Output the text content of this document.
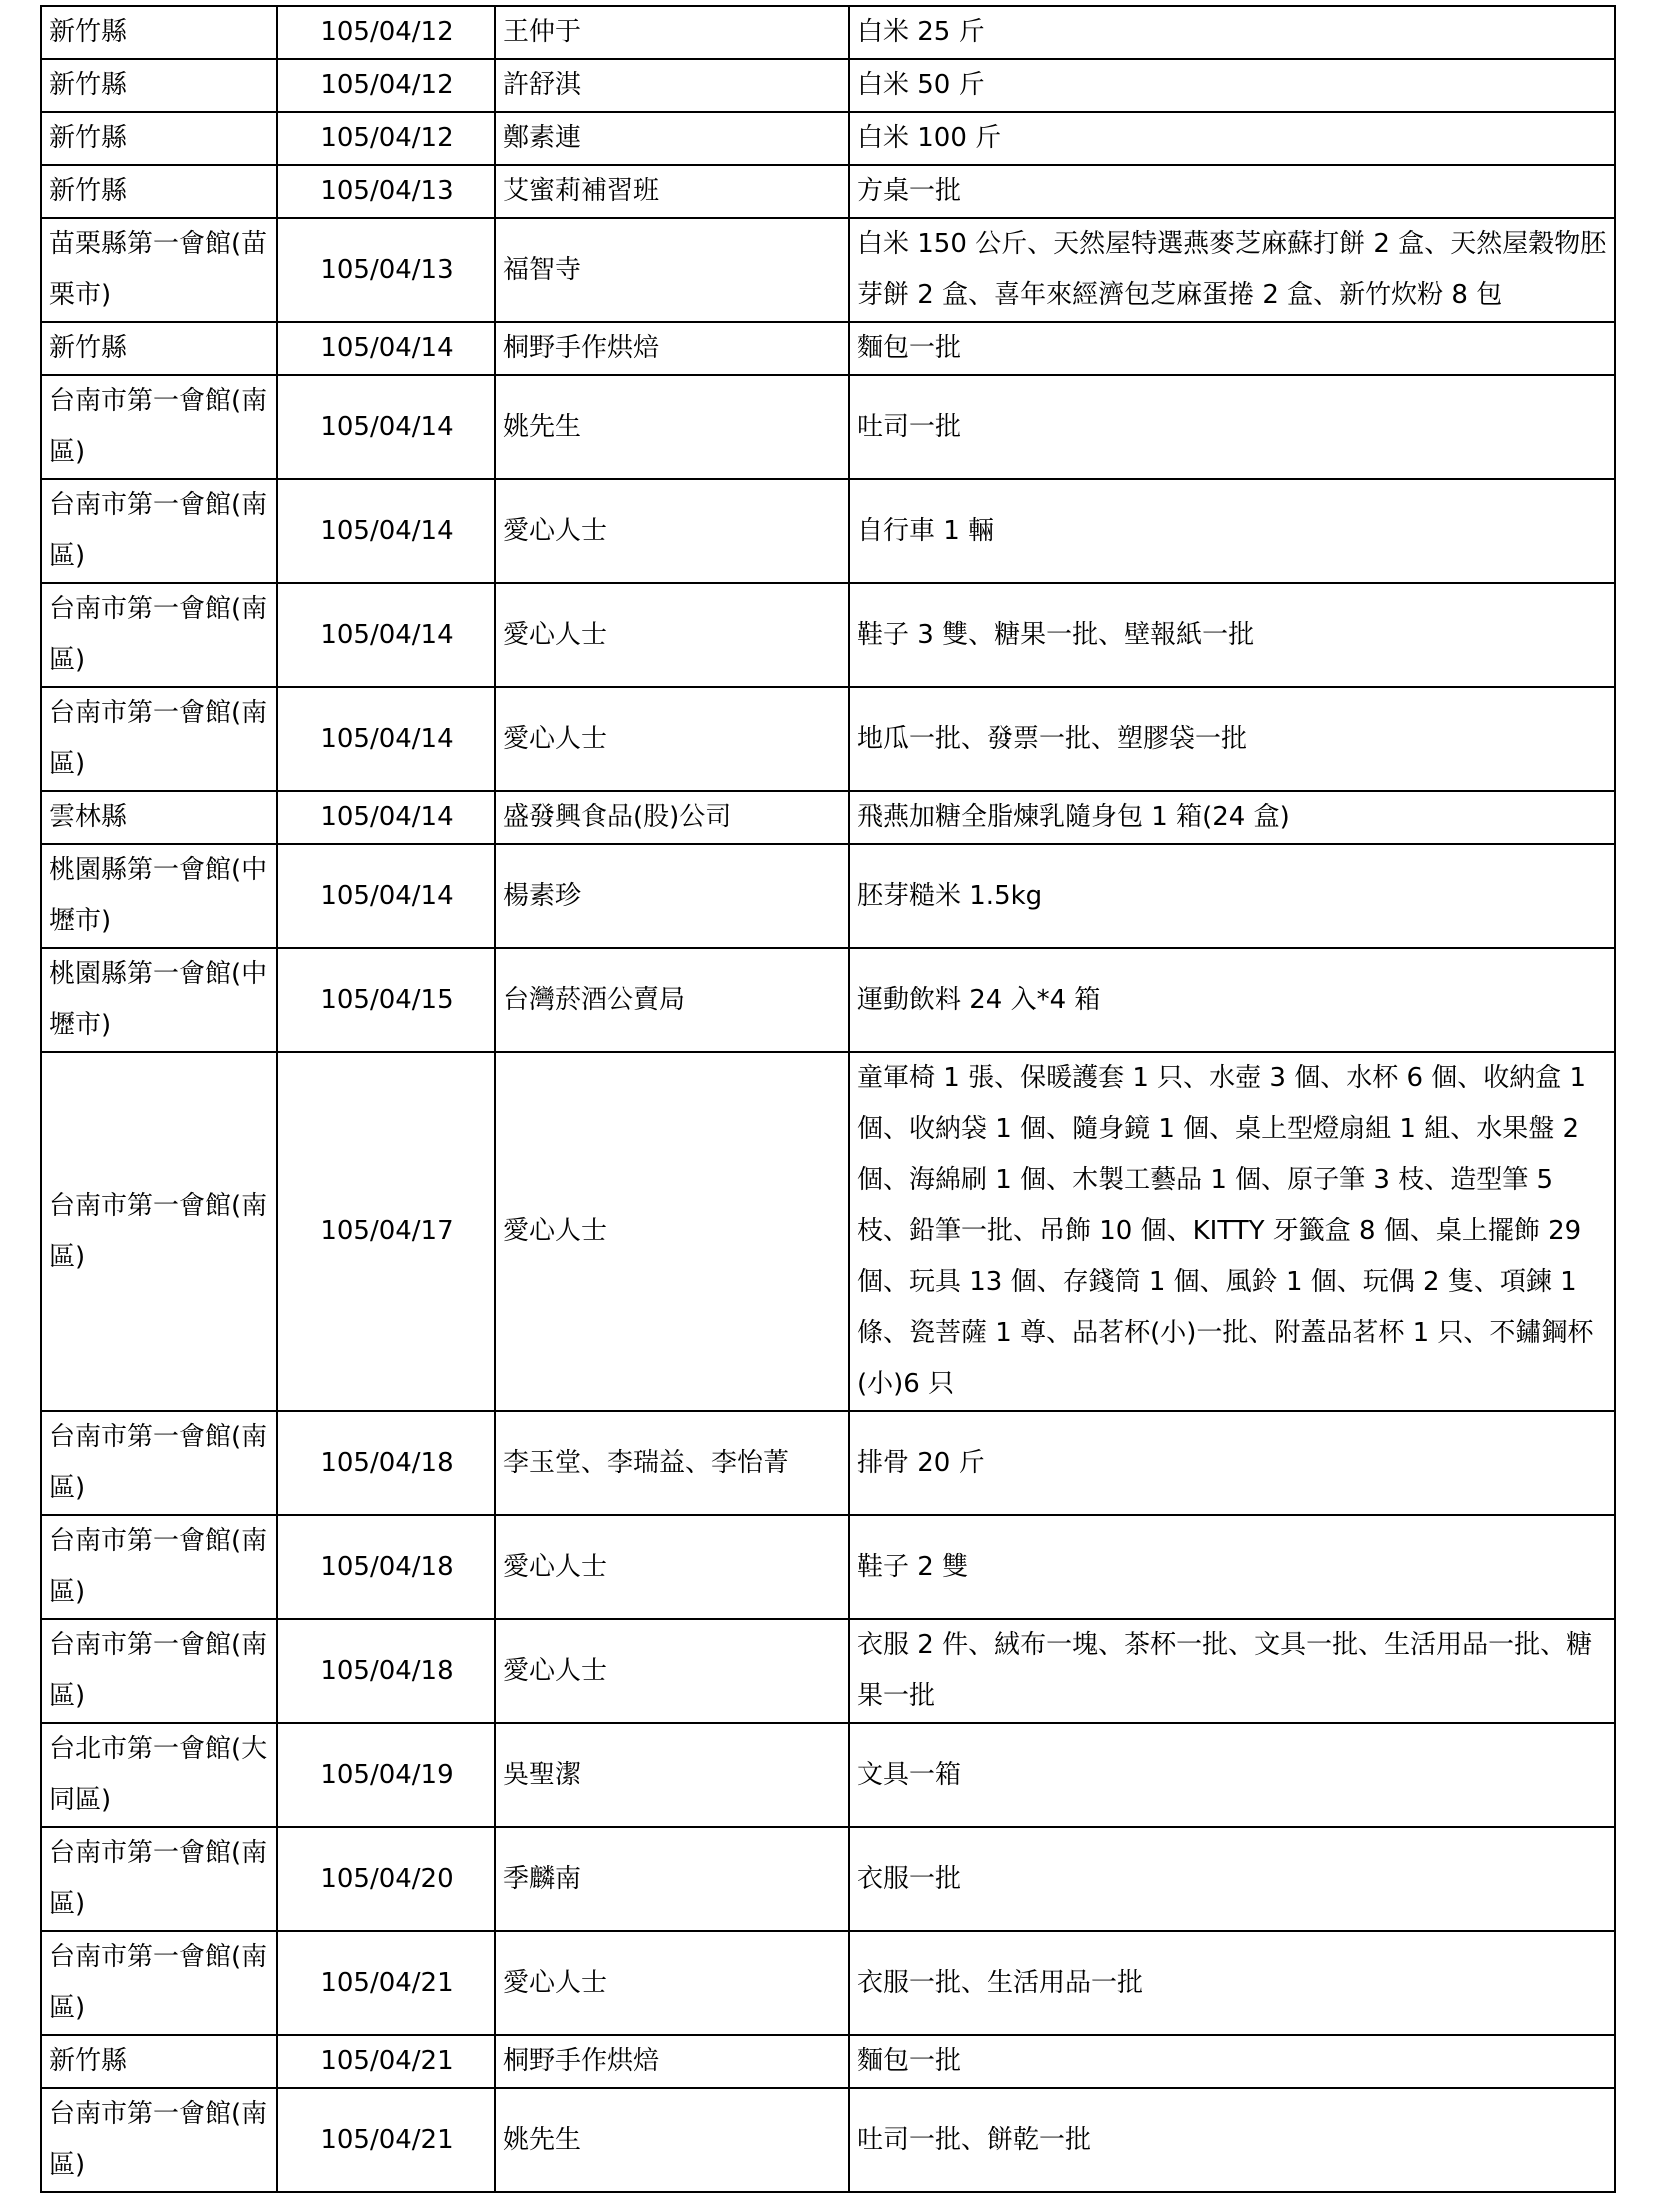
新竹縣	105/04/12	王仲于	白米 25 斤
新竹縣	105/04/12	許舒淇	白米 50 斤
新竹縣	105/04/12	鄭素連	白米 100 斤
新竹縣	105/04/13	艾蜜莉補習班	方桌一批
苗栗縣第一會館(苗栗市)	105/04/13	福智寺	白米 150 公斤、天然屋特選燕麥芝麻蘇打餅 2 盒、天然屋穀物胚芽餅 2 盒、喜年來經濟包芝麻蛋捲 2 盒、新竹炊粉 8 包
新竹縣	105/04/14	桐野手作烘焙	麵包一批
台南市第一會館(南區)	105/04/14	姚先生	吐司一批
台南市第一會館(南區)	105/04/14	愛心人士	自行車 1 輛
台南市第一會館(南區)	105/04/14	愛心人士	鞋子 3 雙、糖果一批、壁報紙一批
台南市第一會館(南區)	105/04/14	愛心人士	地瓜一批、發票一批、塑膠袋一批
雲林縣	105/04/14	盛發興食品(股)公司	飛燕加糖全脂煉乳隨身包 1 箱(24 盒)
桃園縣第一會館(中壢市)	105/04/14	楊素珍	胚芽糙米 1.5kg
桃園縣第一會館(中壢市)	105/04/15	台灣菸酒公賣局	運動飲料 24 入*4 箱
台南市第一會館(南區)	105/04/17	愛心人士	童軍椅 1 張、保暖護套 1 只、水壺 3 個、水杯 6 個、收納盒 1 個、收納袋 1 個、隨身鏡 1 個、桌上型燈扇組 1 組、水果盤 2 個、海綿刷 1 個、木製工藝品 1 個、原子筆 3 枝、造型筆 5 枝、鉛筆一批、吊飾 10 個、KITTY 牙籤盒 8 個、桌上擺飾 29 個、玩具 13 個、存錢筒 1 個、風鈴 1 個、玩偶 2 隻、項鍊 1 條、瓷菩薩 1 尊、品茗杯(小)一批、附蓋品茗杯 1 只、不鏽鋼杯(小)6 只
台南市第一會館(南區)	105/04/18	李玉堂、李瑞益、李怡菁	排骨 20 斤
台南市第一會館(南區)	105/04/18	愛心人士	鞋子 2 雙
台南市第一會館(南區)	105/04/18	愛心人士	衣服 2 件、絨布一塊、茶杯一批、文具一批、生活用品一批、糖果一批
台北市第一會館(大同區)	105/04/19	吳聖潔	文具一箱
台南市第一會館(南區)	105/04/20	季麟南	衣服一批
台南市第一會館(南區)	105/04/21	愛心人士	衣服一批、生活用品一批
新竹縣	105/04/21	桐野手作烘焙	麵包一批
台南市第一會館(南區)	105/04/21	姚先生	吐司一批、餅乾一批
